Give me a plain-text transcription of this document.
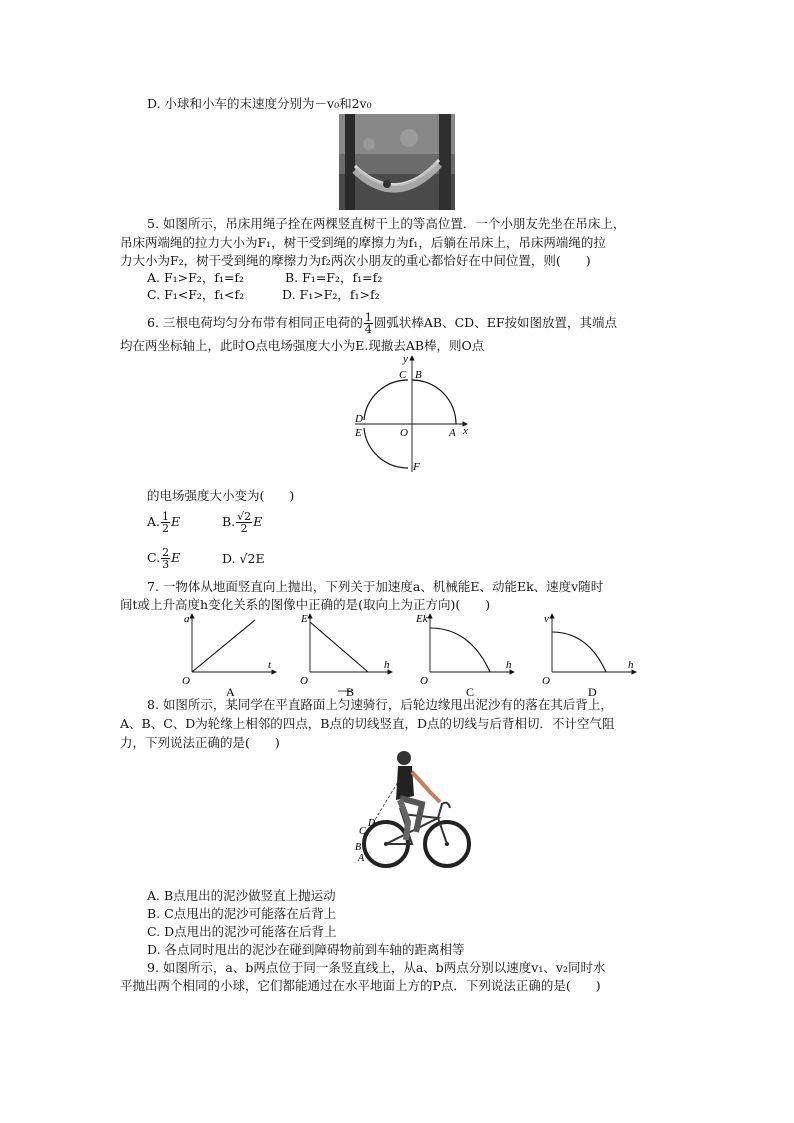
D. 小球和小车的末速度分别为－v₀和2v₀
5. 如图所示，吊床用绳子拴在两棵竖直树干上的等高位置．一个小朋友先坐在吊床上，
吊床两端绳的拉力大小为F₁，树干受到绳的摩擦力为f₁，后躺在吊床上，吊床两端绳的拉
力大小为F₂，树干受到绳的摩擦力为f₂两次小朋友的重心都恰好在中间位置，则(　　)
A. F₁>F₂，f₁=f₂	B. F₁=F₂，f₁=f₂
C. F₁<F₂，f₁<f₂	D. F₁>F₂，f₁>f₂
6. 三根电荷均匀分布带有相同正电荷的 $\frac{1}{4}$ 圆弧状棒AB、CD、EF按如图放置，其端点
均在两坐标轴上，此时O点电场强度大小为E.现撤去AB棒，则O点
y
x
C B
D
E	O	A
F
的电场强度大小变为(　　)
A. $\frac{1}{2}$ E	B. $\frac{√2}{2}$ E
C. $\frac{2}{3}$ E	D. √2E
7. 一物体从地面竖直向上抛出，下列关于加速度a、机械能E、动能Ek、速度v随时
间t或上升高度h变化关系的图像中正确的是(取向上为正方向)(　　)
a
t
O
A
E
h
O
B
Ek
h
O
C
v
h
O
D
8. 如图所示，某同学在平直路面上匀速骑行，后轮边缘甩出泥沙有的落在其后背上，
A、B、C、D为轮缘上相邻的四点，B点的切线竖直，D点的切线与后背相切．不计空气阻
力，下列说法正确的是(　　)
D
C
B
A
A. B点甩出的泥沙做竖直上抛运动
B. C点甩出的泥沙可能落在后背上
C. D点甩出的泥沙可能落在后背上
D. 各点同时甩出的泥沙在碰到障碍物前到车轴的距离相等
9. 如图所示，a、b两点位于同一条竖直线上，从a、b两点分别以速度v₁、v₂同时水
平抛出两个相同的小球，它们都能通过在水平地面上方的P点．下列说法正确的是(　　)
